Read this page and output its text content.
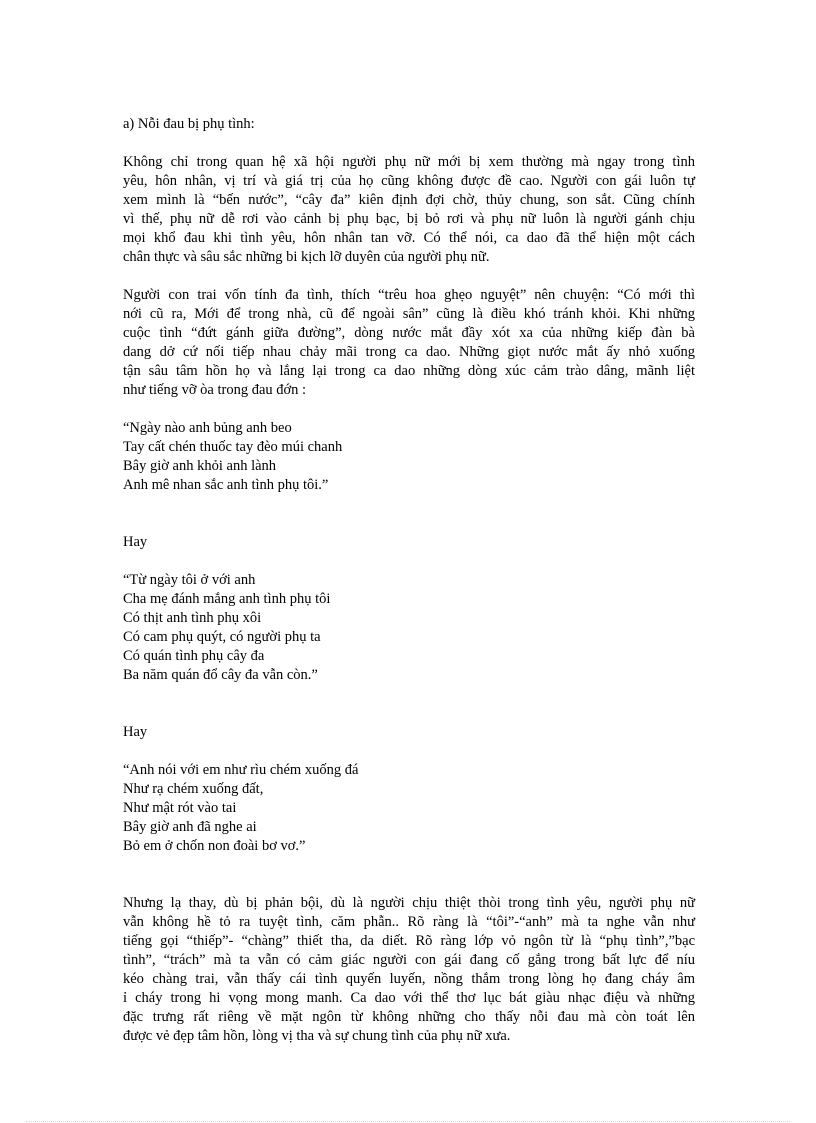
a) Nỗi đau bị phụ tình:
Không chỉ trong quan hệ xã hội người phụ nữ mới bị xem thường mà ngay trong tình
yêu, hôn nhân, vị trí và giá trị của họ cũng không được đề cao. Người con gái luôn tự
xem mình là “bến nước”, “cây đa” kiên định đợi chờ, thủy chung, son sắt. Cũng chính
vì thế, phụ nữ dễ rơi vào cảnh bị phụ bạc, bị bỏ rơi và phụ nữ luôn là người gánh chịu
mọi khổ đau khi tình yêu, hôn nhân tan vỡ. Có thể nói, ca dao đã thể hiện một cách
chân thực và sâu sắc những bi kịch lỡ duyên của người phụ nữ.
Người con trai vốn tính đa tình, thích “trêu hoa ghẹo nguyệt” nên chuyện: “Có mới thì
nới cũ ra, Mới để trong nhà, cũ để ngoài sân” cũng là điều khó tránh khỏi. Khi những
cuộc tình “đứt gánh giữa đường”, dòng nước mắt đầy xót xa của những kiếp đàn bà
dang dở cứ nối tiếp nhau chảy mãi trong ca dao. Những giọt nước mắt ấy nhỏ xuống
tận sâu tâm hồn họ và lắng lại trong ca dao những dòng xúc cảm trào dâng, mãnh liệt
như tiếng vỡ òa trong đau đớn :
“Ngày nào anh bủng anh beo
Tay cất chén thuốc tay đèo múi chanh
Bây giờ anh khỏi anh lành
Anh mê nhan sắc anh tình phụ tôi.”
Hay
“Từ ngày tôi ở với anh
Cha mẹ đánh mắng anh tình phụ tôi
Có thịt anh tình phụ xôi
Có cam phụ quýt, có người phụ ta
Có quán tình phụ cây đa
Ba năm quán đổ cây đa vẫn còn.”
Hay
“Anh nói với em như rìu chém xuống đá
Như rạ chém xuống đất,
Như mật rót vào tai
Bây giờ anh đã nghe ai
Bỏ em ở chốn non đoài bơ vơ.”
Nhưng lạ thay, dù bị phản bội, dù là người chịu thiệt thòi trong tình yêu, người phụ nữ
vẫn không hề tỏ ra tuyệt tình, căm phẫn.. Rõ ràng là “tôi”-“anh” mà ta nghe vẫn như
tiếng gọi “thiếp”- “chàng” thiết tha, da diết. Rõ ràng lớp vỏ ngôn từ là “phụ tình”,”bạc
tình”, “trách” mà ta vẫn có cảm giác người con gái đang cố gắng trong bất lực để níu
kéo chàng trai, vẫn thấy cái tình quyến luyến, nồng thắm trong lòng họ đang cháy âm
ỉ cháy trong hi vọng mong manh. Ca dao với thể thơ lục bát giàu nhạc điệu và những
đặc trưng rất riêng về mặt ngôn từ không những cho thấy nỗi đau mà còn toát lên
được vẻ đẹp tâm hồn, lòng vị tha và sự chung tình của phụ nữ xưa.
